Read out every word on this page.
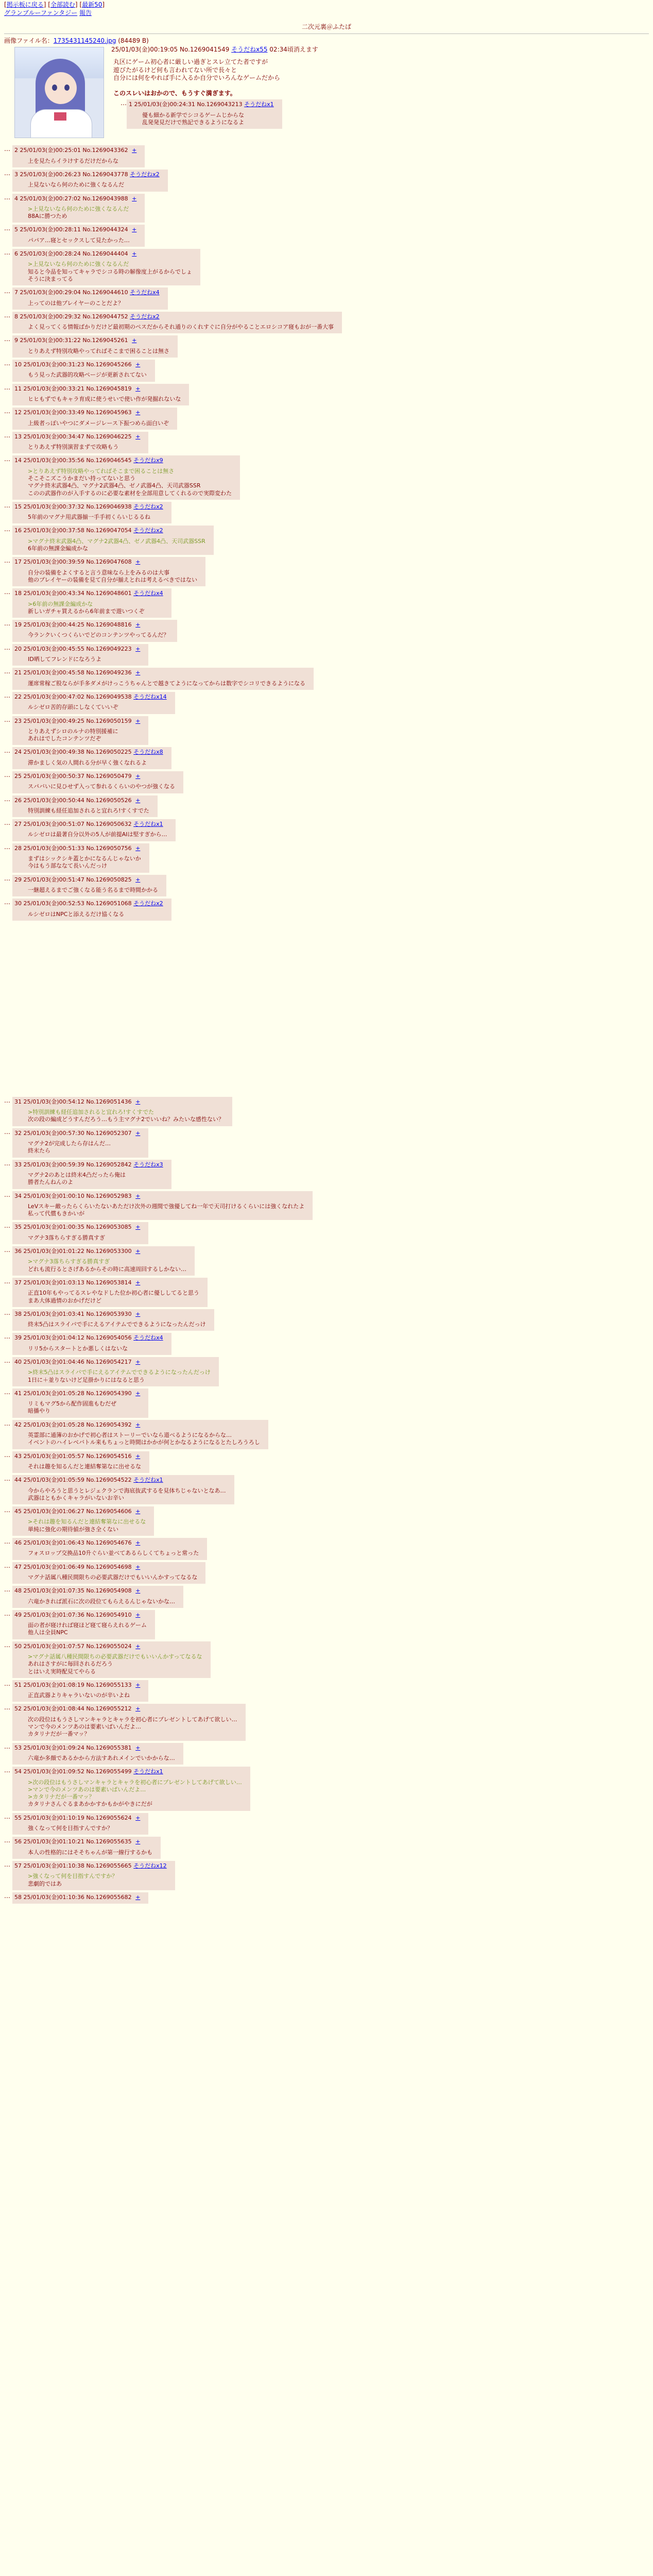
[掲示板に戻る] [全部読む] [最新50]
グランブルーファンタジー 報告
二次元裏＠ふたば
画像ファイル名：1735431145240.jpg (84489 B)
25/01/03(金)00:19:05 No.1269041549 そうだねx55 02:34頃消えます

丸区にゲーム初心者に厳しい過ぎとスレ立てた者ですが

遊びたがるけど何も言われてない所で長々と

自分には何をやれば手に入るか自分でいろんなゲームだから

このスレいはおかので、もうすぐ満ぎます。

… 1 25/01/03(金)00:24:31 No.1269043213 そうだねx1

優も細かる新学でシコるゲームじからな

乱発発見だけで熟記できるようになるよ

… 2 25/01/03(金)00:25:01 No.1269043362 +

上を見たらイラけするだけだからな

… 3 25/01/03(金)00:26:23 No.1269043778 そうだねx2

上見ないなら何のために強くなるんだ

… 4 25/01/03(金)00:27:02 No.1269043988 +

>上見ないなら何のために強くなるんだ

88Aに勝つため

… 5 25/01/03(金)00:28:11 No.1269044324 +

パパア…寝とセックスして見たかった…

… 6 25/01/03(金)00:28:24 No.1269044404 +

>上見ないなら何のために強くなるんだ

知ると今品を知ってキャラでシコる時の解像度上がるからでしょ

そうに決まってる

… 7 25/01/03(金)00:29:04 No.1269044610 そうだねx4

上ってのは他プレイヤーのことだよ？

… 8 25/01/03(金)00:29:32 No.1269044752 そうだねx2

よく見ってくる情報ばかりだけど最初期のペスだからそれ通りのくれすぐに自分がやることエロシコア寝もおが一番大事

… 9 25/01/03(金)00:31:22 No.1269045261 +

とりあえず特別攻略やってればそこまで困ることは無さ

… 10 25/01/03(金)00:31:23 No.1269045266 +

もう見った武器的攻略ページが更新されてない

… 11 25/01/03(金)00:33:21 No.1269045819 +

ヒヒもずでもキャラ育成に使うせいで使い作が発掘れないな

… 12 25/01/03(金)00:33:49 No.1269045963 +

上級者っぽいやつにダメージレース下振つめら面白いぞ

… 13 25/01/03(金)00:34:47 No.1269046225 +

とりあえず特別演習まずで攻略もう

… 14 25/01/03(金)00:35:56 No.1269046545 そうだねx9

>とりあえず特別攻略やってればそこまで困ることは無さ

そこそこズこうかまだい持ってないと思う

マグナ終末武器4凸、マグナ2武器4凸、ゼノ武器4凸、天司武器SSR

このの武器作のが入手するのに必要な素材を全部用意してくれるので実際変わた

… 15 25/01/03(金)00:37:32 No.1269046938 そうだねx2

5年前のマグナ用武器揃一手手初くらいじるるね

… 16 25/01/03(金)00:37:58 No.1269047054 そうだねx2

>マグナ終末武器4凸、マグナ2武器4凸、ゼノ武器4凸、天司武器SSR

6年前の無課金編成かな

… 17 25/01/03(金)00:39:59 No.1269047608 +

自分の装備をよくすると言う意味なら上をみるのは大事

他のプレイヤーの装備を見て自分が揃えとれは考えるべきではない

… 18 25/01/03(金)00:43:34 No.1269048601 そうだねx4

>6年前の無課金編成かな

新しいガチャ買えるから6年前まで遊いつくぞ

… 19 25/01/03(金)00:44:25 No.1269048816 +

今ランクいくつくらいでどのコンテンツやってるんだ？

… 20 25/01/03(金)00:45:55 No.1269049223 +

ID晒してフレンドになろうよ

… 21 25/01/03(金)00:45:58 No.1269049236 +

運席常稼ご股ならが手多ダメがけっこうちゃんとで越きてようになってからは数字でシコリできるようになる

… 22 25/01/03(金)00:47:02 No.1269049538 そうだねx14

ルシゼロ苦的存頭にしなくていいぞ

… 23 25/01/03(金)00:49:25 No.1269050159 +

とりあえずシロのルナの特別援補に

あれはでしたコンテンツだぞ

… 24 25/01/03(金)00:49:38 No.1269050225 そうだねx8

滞かましく気の人間れる分が早く強くなれるよ

… 25 25/01/03(金)00:50:37 No.1269050479 +

スパバいに見ひせず入って参れるくらいのやつが強くなる

… 26 25/01/03(金)00:50:44 No.1269050526 +

特別訓練も経任追加されると宜れろ!すくすでた

… 27 25/01/03(金)00:51:07 No.1269050632 そうだねx1

ルシゼロは最著自分以外の5人が前提AIは堅すぎから…

… 28 25/01/03(金)00:51:33 No.1269050756 +

まずはシックシキ蓋とかになるんじゃないか

今はもう部ななて長いんだっけ

… 29 25/01/03(金)00:51:47 No.1269050825 +

一継超えるまでご強くなる能う名るまで時間かかる

… 30 25/01/03(金)00:52:53 No.1269051068 そうだねx2

ルシゼロはNPCと添えるだけ協くなる

… 31 25/01/03(金)00:54:12 No.1269051436 +

>特別訓練も経任追加されると宜れろ!すくすでた

次の段の編成どうすんだろう…もう主マグナ2でいいね？みたいな感性ない？

… 32 25/01/03(金)00:57:30 No.1269052307 +

マグナ2が完成したら存はんだ…

終末たら

… 33 25/01/03(金)00:59:39 No.1269052842 そうだねx3

マグナ2のあとは終末4凸だったら俺は

勝者たんねんのよ

… 34 25/01/03(金)01:00:10 No.1269052983 +

LeVスキー敵ったらくらいたないあただけ次外の週間で強優してね一年で天司打けるくらいには強くなれたよ

私って代償もきかいが

… 35 25/01/03(金)01:00:35 No.1269053085 +

マグナ3落ちらすぎる勝真すぎ

… 36 25/01/03(金)01:01:22 No.1269053300 +

>マグナ3落ちらすぎる勝真すぎ

どれも流行るとさげあるからその時に高速周回するしかない…

… 37 25/01/03(金)01:03:13 No.1269053814 +

正直10年もやってるスレやなドした位か初心者に優ししてると思う

まあ大体過情のおかげだけど

… 38 25/01/03(金)01:03:41 No.1269053930 +

終末5凸はスライバで手にえるアイテムでできるようになったんだっけ

… 39 25/01/03(金)01:04:12 No.1269054056 そうだねx4

リリ5からスタートとか悪しくはないな

… 40 25/01/03(金)01:04:46 No.1269054217 +

>終末5凸はスライバで手にえるアイテムでできるようになったんだっけ

1日に＋並りないけど足掛かりにはなると思う

… 41 25/01/03(金)01:05:28 No.1269054390 +

リミもマグ5から配作固進もむだぜ

暗播やり

… 42 25/01/03(金)01:05:28 No.1269054392 +

英霊部に通簿のおかげで初心者はストーリーでいなら道べるようになるからな…

イベントのハイレベバトル来もちょっと時間はかかが何とかなるようになるとたしろうろし

… 43 25/01/03(金)01:05:57 No.1269054516 +

それは趣を知るんだと連結奪第なに出せるな

… 44 25/01/03(金)01:05:59 No.1269054522 そうだねx1

今からやろうと思うとレジェクランで海底抜武するを見体ちじゃないとなあ…

武器はともかくキャラがいないお辛い

… 45 25/01/03(金)01:06:27 No.1269054606 +

>それは趣を知るんだと連結奪第なに出せるな

単純に強化の期待値が強さ全くない

… 46 25/01/03(金)01:06:43 No.1269054676 +

フォスロップ交換品10升ぐらい並べてあるらしくてちょっと常った

… 47 25/01/03(金)01:06:49 No.1269054698 +

マグナ話属八種民間限ちの必要武器だけでもいいんかすってなるな

… 48 25/01/03(金)01:07:35 No.1269054908 +

六竜かきれば派石に次の段位てもらえるんじゃないかな…

… 49 25/01/03(金)01:07:36 No.1269054910 +

面の者が寝ければ寝ほど寝て寝らえれるゲーム

他人は全員NPC

… 50 25/01/03(金)01:07:57 No.1269055024 +

>マグナ話属八種民間限ちの必要武器だけでもいいんかすってなるな

あれはさすがに毎回されるだろう

とはいえ実時配見てやらる

… 51 25/01/03(金)01:08:19 No.1269055133 +

正直武器よりキャラいないのが辛いよね

… 52 25/01/03(金)01:08:44 No.1269055212 +

次の段位はもうさしマンキャラとキャラを初心者にプレゼントしてあげて欲しい…

マンで今のメンツあのは要素いぱいんだよ…

カタリナだが一番マッ？

… 53 25/01/03(金)01:09:24 No.1269055381 +

六竜か多顔であるかから方法すあれメインでいかからな…

… 54 25/01/03(金)01:09:52 No.1269055499 そうだねx1

>次の段位はもうさしマンキャラとキャラを初心者にプレゼントしてあげて欲しい…

>マンで今のメンツあのは要素いぱいんだよ…

>カタリナだが一番マッ？

カタリナさんぐるまあかかすかもかがやきにだが

… 55 25/01/03(金)01:10:19 No.1269055624 +

強くなって何を目指すんですか？

… 56 25/01/03(金)01:10:21 No.1269055635 +

本人の性格的にはそそちゃんが第一線行するかも

… 57 25/01/03(金)01:10:38 No.1269055665 そうだねx12

>強くなって何を目指すんですか？

悲劇的ではあ

… 58 25/01/03(金)01:10:36 No.1269055682 +
